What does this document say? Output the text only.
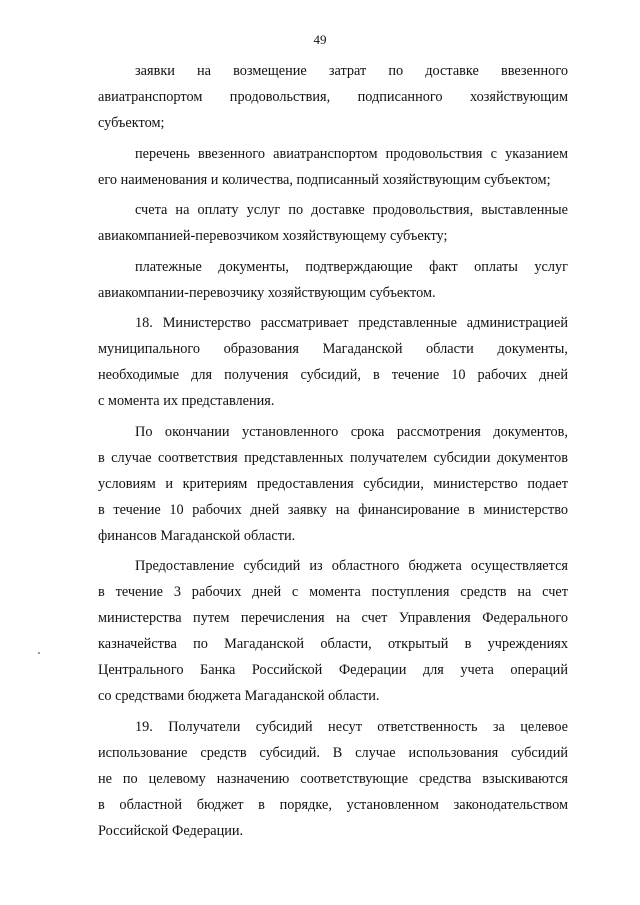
49

заявки на возмещение затрат по доставке ввезенного
авиатранспортом продовольствия, подписанного хозяйствующим
субъектом;

перечень ввезенного авиатранспортом продовольствия с указанием
его наименования и количества, подписанный хозяйствующим субъектом;

счета на оплату услуг по доставке продовольствия, выставленные
авиакомпанией-перевозчиком хозяйствующему субъекту;

платежные документы, подтверждающие факт оплаты услуг
авиакомпании-перевозчику хозяйствующим субъектом.

18. Министерство рассматривает представленные администрацией
муниципального образования Магаданской области документы,
необходимые для получения субсидий, в течение 10 рабочих дней
с момента их представления.

По окончании установленного срока рассмотрения документов,
в случае соответствия представленных получателем субсидии документов
условиям и критериям предоставления субсидии, министерство подает
в течение 10 рабочих дней заявку на финансирование в министерство
финансов Магаданской области.

Предоставление субсидий из областного бюджета осуществляется
в течение 3 рабочих дней с момента поступления средств на счет
министерства путем перечисления на счет Управления Федерального
казначейства по Магаданской области, открытый в учреждениях
Центрального Банка Российской Федерации для учета операций
со средствами бюджета Магаданской области.

19. Получатели субсидий несут ответственность за целевое
использование средств субсидий. В случае использования субсидий
не по целевому назначению соответствующие средства взыскиваются
в областной бюджет в порядке, установленном законодательством
Российской Федерации.
